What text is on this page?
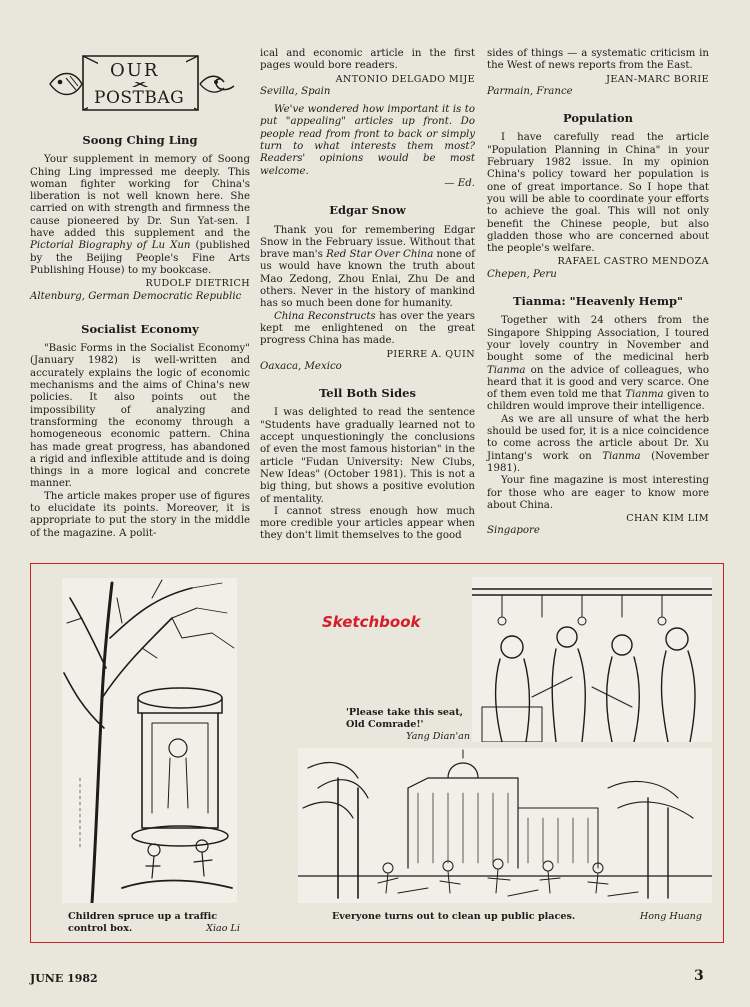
OUR
POSTBAG
Soong Ching Ling

Your supplement in memory of Soong Ching Ling impressed me deeply. This woman fighter working for China's liberation is not well known here. She carried on with strength and firmness the cause pioneered by Dr. Sun Yat-sen. I have added this supplement and the Pictorial Biography of Lu Xun (published by the Beijing People's Fine Arts Publishing House) to my bookcase.

RUDOLF DIETRICH
Altenburg, German Democratic Republic
Socialist Economy

"Basic Forms in the Socialist Economy" (January 1982) is well-written and accurately explains the logic of economic mechanisms and the aims of China's new policies. It also points out the impossibility of analyzing and transforming the economy through a homogeneous economic pattern. China has made great progress, has abandoned a rigid and inflexible attitude and is doing things in a more logical and concrete manner.

The article makes proper use of figures to elucidate its points. Moreover, it is appropriate to put the story in the middle of the magazine. A polit-

ical and economic article in the first pages would bore readers.

ANTONIO DELGADO MIJE
Sevilla, Spain

We've wondered how important it is to put "appealing" articles up front. Do people read from front to back or simply turn to what interests them most? Readers' opinions would be most welcome.

— Ed.
Edgar Snow

Thank you for remembering Edgar Snow in the February issue. Without that brave man's Red Star Over China none of us would have known the truth about Mao Zedong, Zhou Enlai, Zhu De and others. Never in the history of mankind has so much been done for humanity.

China Reconstructs has over the years kept me enlightened on the great progress China has made.

PIERRE A. QUIN
Oaxaca, Mexico
Tell Both Sides

I was delighted to read the sentence "Students have gradually learned not to accept unquestioningly the conclusions of even the most famous historian" in the article "Fudan University: New Clubs, New Ideas" (October 1981). This is not a big thing, but shows a positive evolution of mentality.

I cannot stress enough how much more credible your articles appear when they don't limit themselves to the good

sides of things — a systematic criticism in the West of news reports from the East.

JEAN-MARC BORIE
Parmain, France
Population

I have carefully read the article "Population Planning in China" in your February 1982 issue. In my opinion China's policy toward her population is one of great importance. So I hope that you will be able to coordinate your efforts to achieve the goal. This will not only benefit the Chinese people, but also gladden those who are concerned about the people's welfare.

RAFAEL CASTRO MENDOZA
Chepen, Peru
Tianma: "Heavenly Hemp"

Together with 24 others from the Singapore Shipping Association, I toured your lovely country in November and bought some of the medicinal herb Tianma on the advice of colleagues, who heard that it is good and very scarce. One of them even told me that Tianma given to children would improve their intelligence.

As we are all unsure of what the herb should be used for, it is a nice coincidence to come across the article about Dr. Xu Jintang's work on Tianma (November 1981).

Your fine magazine is most interesting for those who are eager to know more about China.

CHAN KIM LIM
Singapore
Sketchbook
Children spruce up a traffic control box.	Xiao Li
'Please take this seat,
Old Comrade!'
Yang Dian'an
Everyone turns out to clean up public places.	Hong Huang
JUNE 1982	3
